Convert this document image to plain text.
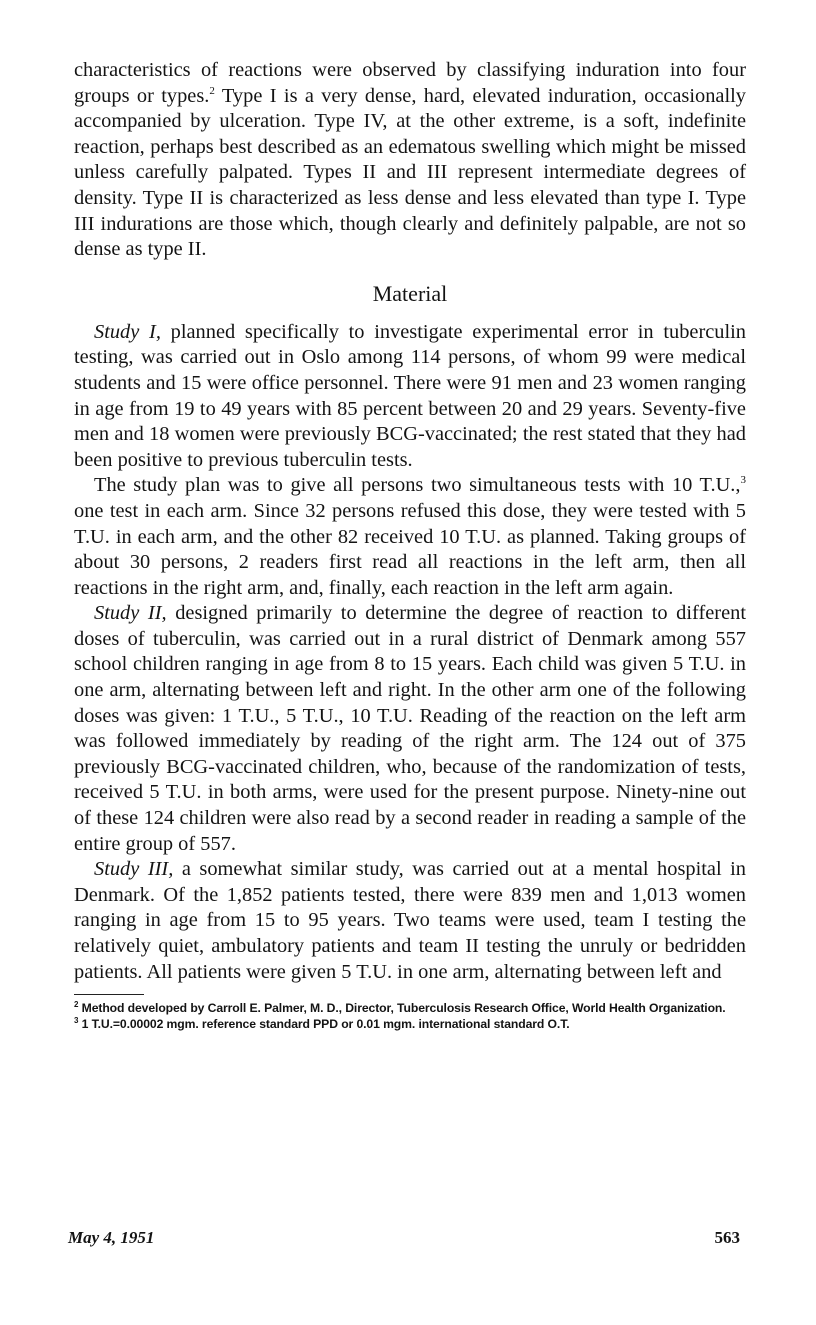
characteristics of reactions were observed by classifying induration into four groups or types.$^2$ Type I is a very dense, hard, elevated induration, occasionally accompanied by ulceration. Type IV, at the other extreme, is a soft, indefinite reaction, perhaps best described as an edematous swelling which might be missed unless carefully palpated. Types II and III represent intermediate degrees of density. Type II is characterized as less dense and less elevated than type I. Type III indurations are those which, though clearly and definitely palpable, are not so dense as type II.

Material

Study I, planned specifically to investigate experimental error in tuberculin testing, was carried out in Oslo among 114 persons, of whom 99 were medical students and 15 were office personnel. There were 91 men and 23 women ranging in age from 19 to 49 years with 85 percent between 20 and 29 years. Seventy-five men and 18 women were previously BCG-vaccinated; the rest stated that they had been positive to previous tuberculin tests.

The study plan was to give all persons two simultaneous tests with 10 T.U.,$^3$ one test in each arm. Since 32 persons refused this dose, they were tested with 5 T.U. in each arm, and the other 82 received 10 T.U. as planned. Taking groups of about 30 persons, 2 readers first read all reactions in the left arm, then all reactions in the right arm, and, finally, each reaction in the left arm again.

Study II, designed primarily to determine the degree of reaction to different doses of tuberculin, was carried out in a rural district of Denmark among 557 school children ranging in age from 8 to 15 years. Each child was given 5 T.U. in one arm, alternating between left and right. In the other arm one of the following doses was given: 1 T.U., 5 T.U., 10 T.U. Reading of the reaction on the left arm was followed immediately by reading of the right arm. The 124 out of 375 previously BCG-vaccinated children, who, because of the randomization of tests, received 5 T.U. in both arms, were used for the present purpose. Ninety-nine out of these 124 children were also read by a second reader in reading a sample of the entire group of 557.

Study III, a somewhat similar study, was carried out at a mental hospital in Denmark. Of the 1,852 patients tested, there were 839 men and 1,013 women ranging in age from 15 to 95 years. Two teams were used, team I testing the relatively quiet, ambulatory patients and team II testing the unruly or bedridden patients. All patients were given 5 T.U. in one arm, alternating between left and

$^2$ Method developed by Carroll E. Palmer, M. D., Director, Tuberculosis Research Office, World Health Organization.

$^3$ 1 T.U.=0.00002 mgm. reference standard PPD or 0.01 mgm. international standard O.T.

May 4, 1951	563
